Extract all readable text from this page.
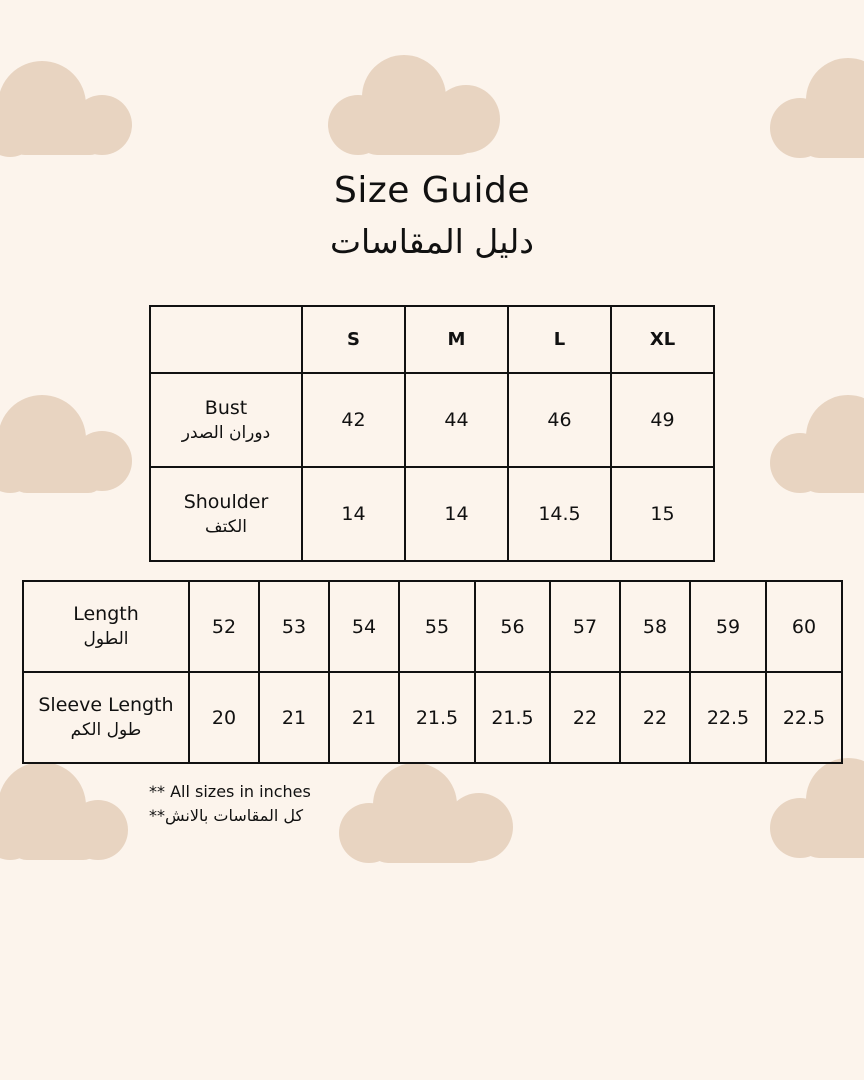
Size Guide
دليل المقاسات
	S	M	L	XL

Bust
دوران الصدر	42	44	46	49

Shoulder
الكتف	14	14	14.5	15
Length
الطول	52	53	54	55	56	57	58	59	60

Sleeve Length
طول الكم	20	21	21	21.5	21.5	22	22	22.5	22.5
** All sizes in inches
كل المقاسات بالانش**
